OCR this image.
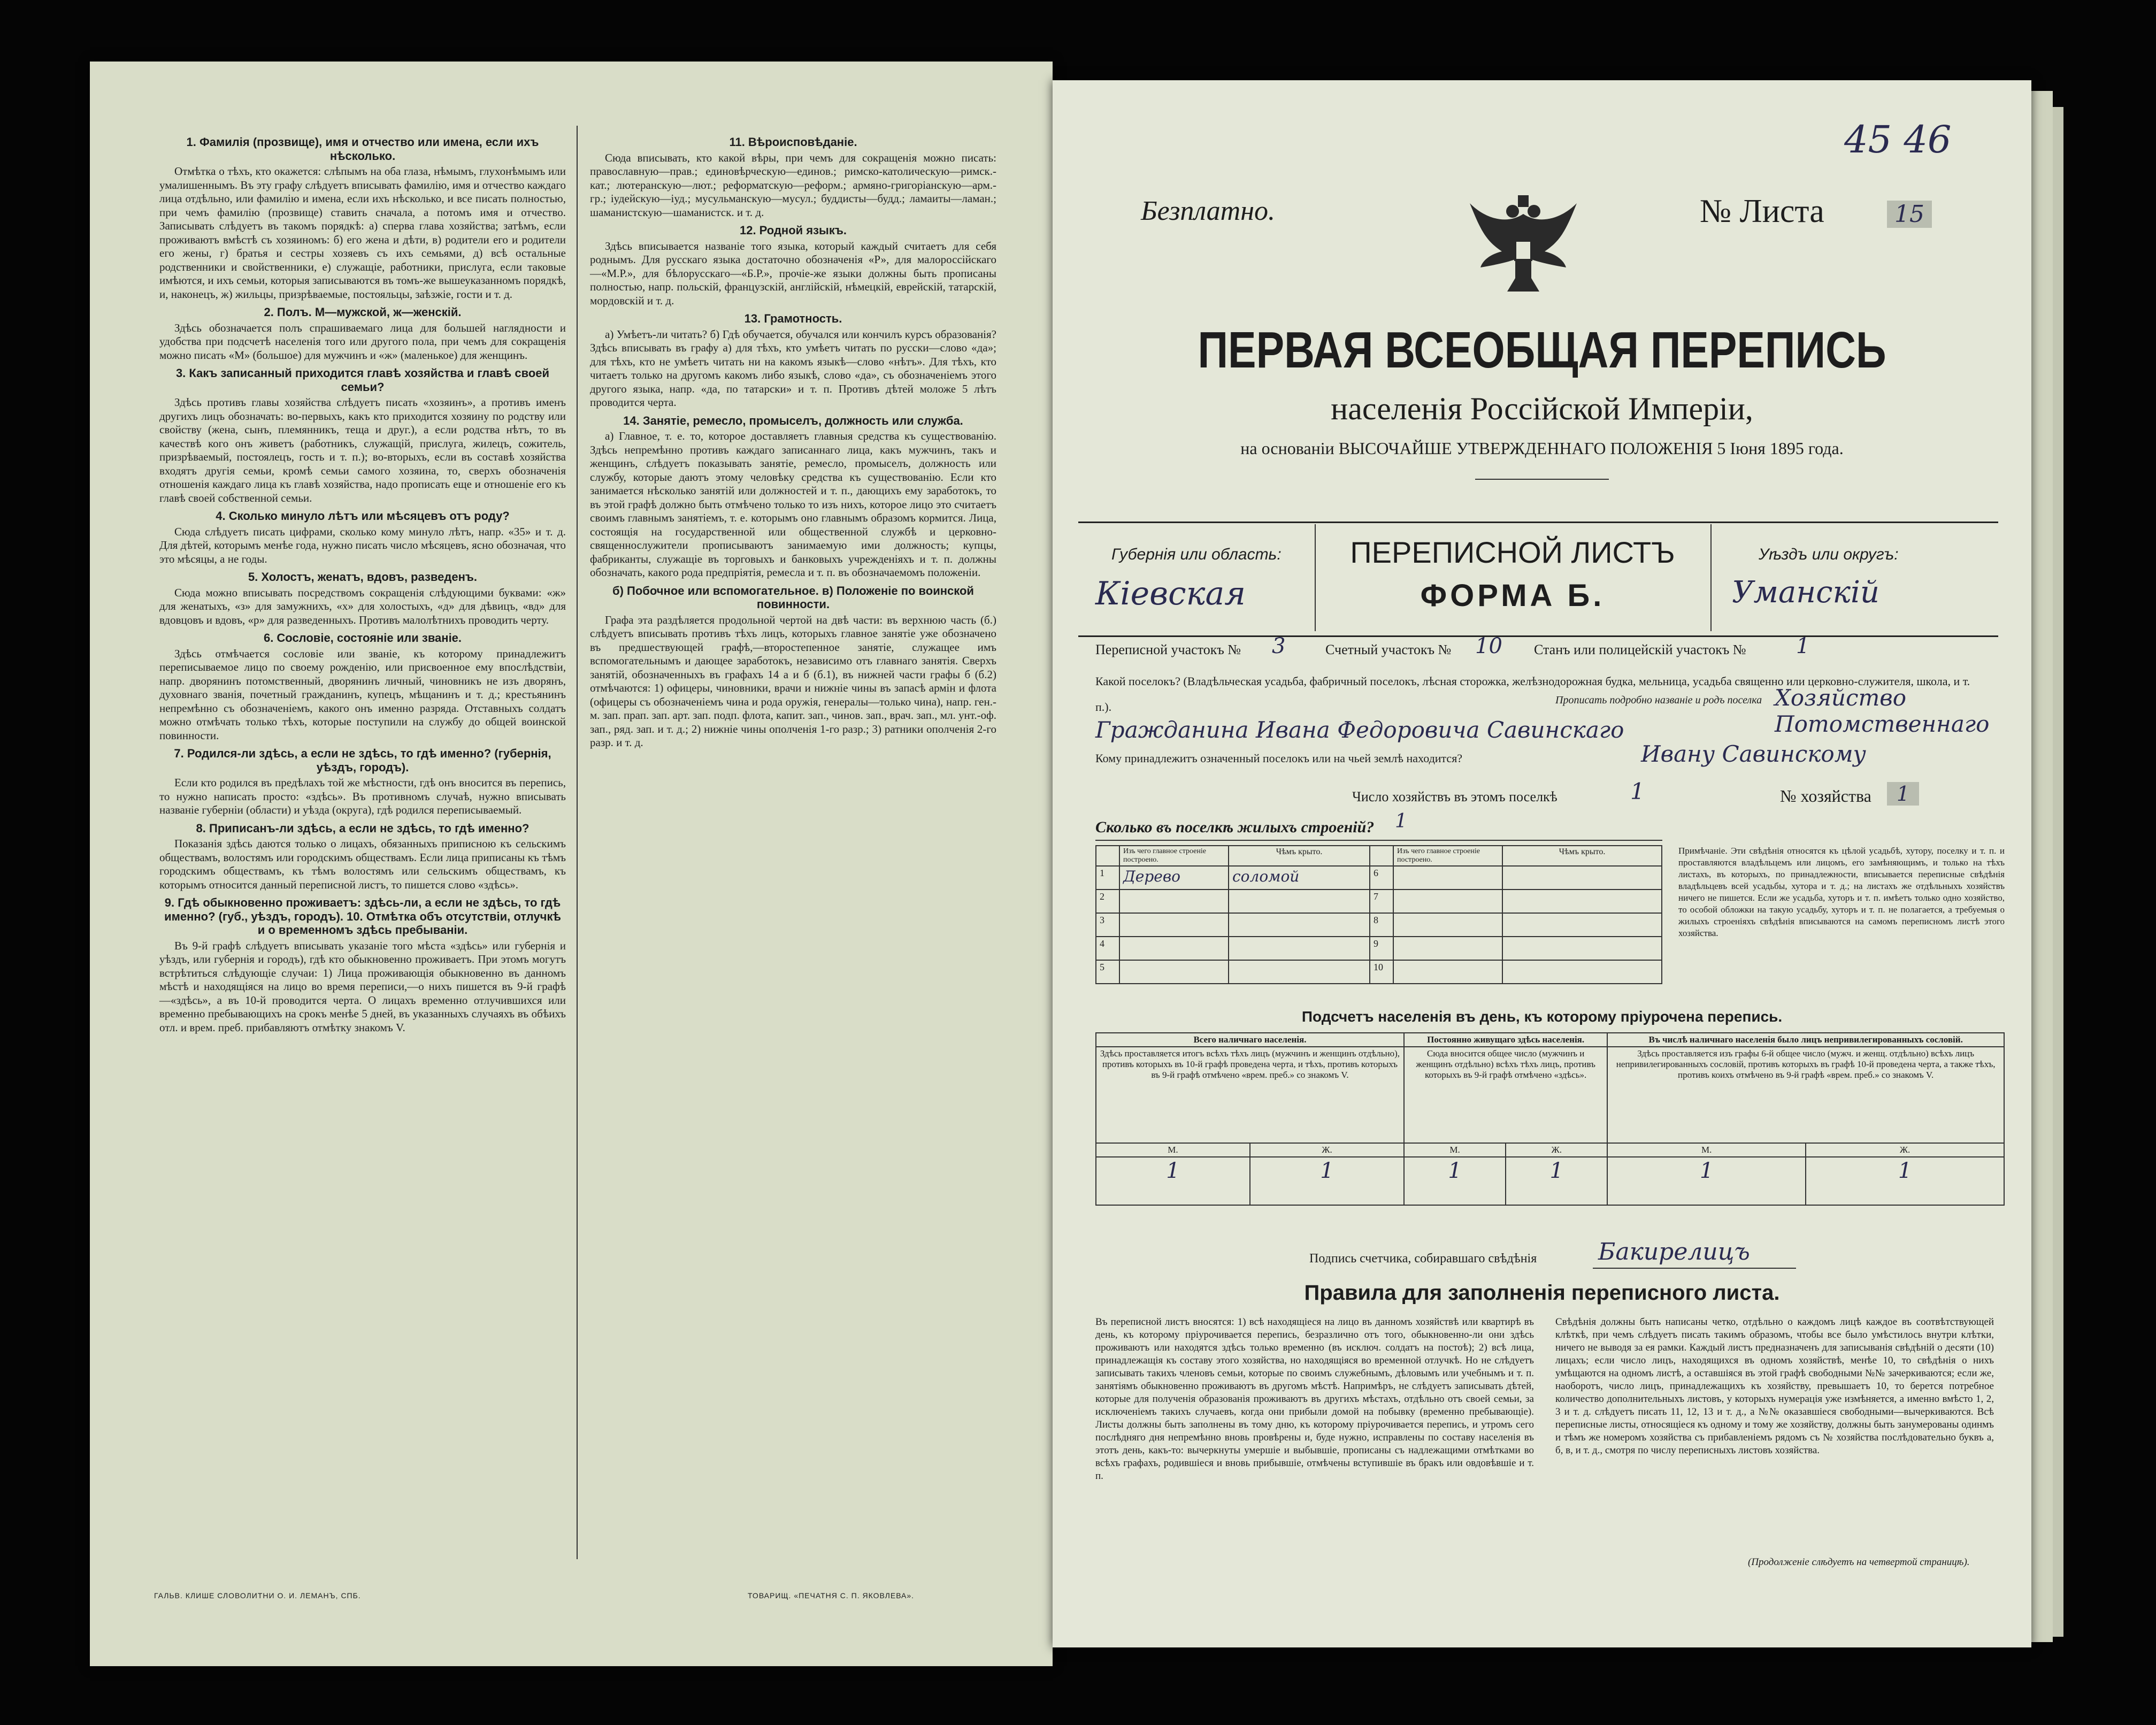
1. Фамилія (прозвище), имя и отчество или имена, если ихъ нѣсколько.

Отмѣтка о тѣхъ, кто окажется: слѣпымъ на оба глаза, нѣмымъ, глухонѣмымъ или умалишеннымъ. Въ эту графу слѣдуетъ вписывать фамилію, имя и отчество каждаго лица отдѣльно, или фамилію и имена, если ихъ нѣсколько, и все писать полностью, при чемъ фамилію (прозвище) ставить сначала, а потомъ имя и отчество. Записывать слѣдуетъ въ такомъ порядкѣ: а) сперва глава хозяйства; затѣмъ, если проживаютъ вмѣстѣ съ хозяиномъ: б) его жена и дѣти, в) родители его и родители его жены, г) братья и сестры хозяевъ съ ихъ семьями, д) всѣ остальные родственники и свойственники, е) служащіе, работники, прислуга, если таковые имѣются, и ихъ семьи, которыя записываются въ томъ-же вышеуказанномъ порядкѣ, и, наконецъ, ж) жильцы, призрѣваемые, постояльцы, заѣзжіе, гости и т. д.

2. Полъ. М—мужской, ж—женскій.

Здѣсь обозначается полъ спрашиваемаго лица для большей наглядности и удобства при подсчетѣ населенія того или другого пола, при чемъ для сокращенія можно писать «М» (большое) для мужчинъ и «ж» (маленькое) для женщинъ.

3. Какъ записанный приходится главѣ хозяйства и главѣ своей семьи?

Здѣсь противъ главы хозяйства слѣдуетъ писать «хозяинъ», а противъ именъ другихъ лицъ обозначать: во-первыхъ, какъ кто приходится хозяину по родству или свойству (жена, сынъ, племянникъ, теща и друг.), а если родства нѣтъ, то въ качествѣ кого онъ живетъ (работникъ, служащій, прислуга, жилецъ, сожитель, призрѣваемый, постоялецъ, гость и т. п.); во-вторыхъ, если въ составѣ хозяйства входятъ другія семьи, кромѣ семьи самого хозяина, то, сверхъ обозначенія отношенія каждаго лица къ главѣ хозяйства, надо прописать еще и отношеніе его къ главѣ своей собственной семьи.

4. Сколько минуло лѣтъ или мѣсяцевъ отъ роду?

Сюда слѣдуетъ писать цифрами, сколько кому минуло лѣтъ, напр. «35» и т. д. Для дѣтей, которымъ менѣе года, нужно писать число мѣсяцевъ, ясно обозначая, что это мѣсяцы, а не годы.

5. Холостъ, женатъ, вдовъ, разведенъ.

Сюда можно вписывать посредствомъ сокращенія слѣдующими буквами: «ж» для женатыхъ, «з» для замужнихъ, «х» для холостыхъ, «д» для дѣвицъ, «вд» для вдовцовъ и вдовъ, «р» для разведенныхъ. Противъ малолѣтнихъ проводить черту.

6. Сословіе, состояніе или званіе.

Здѣсь отмѣчается сословіе или званіе, къ которому принадлежитъ переписываемое лицо по своему рожденію, или присвоенное ему впослѣдствіи, напр. дворянинъ потомственный, дворянинъ личный, чиновникъ не изъ дворянъ, духовнаго званія, почетный гражданинъ, купецъ, мѣщанинъ и т. д.; крестьянинъ непремѣнно съ обозначеніемъ, какого онъ именно разряда. Отставныхъ солдатъ можно отмѣчать только тѣхъ, которые поступили на службу до общей воинской повинности.

7. Родился-ли здѣсь, а если не здѣсь, то гдѣ именно? (губернія, уѣздъ, городъ).

Если кто родился въ предѣлахъ той же мѣстности, гдѣ онъ вносится въ перепись, то нужно написать просто: «здѣсь». Въ противномъ случаѣ, нужно вписывать названіе губерніи (области) и уѣзда (округа), гдѣ родился переписываемый.

8. Приписанъ-ли здѣсь, а если не здѣсь, то гдѣ именно?

Показанія здѣсь даются только о лицахъ, обязанныхъ приписною къ сельскимъ обществамъ, волостямъ или городскимъ обществамъ. Если лица приписаны къ тѣмъ городскимъ обществамъ, къ тѣмъ волостямъ или сельскимъ обществамъ, къ которымъ относится данный переписной листъ, то пишется слово «здѣсь».

9. Гдѣ обыкновенно проживаетъ: здѣсь-ли, а если не здѣсь, то гдѣ именно? (губ., уѣздъ, городъ). 10. Отмѣтка объ отсутствіи, отлучкѣ и о временномъ здѣсь пребываніи.

Въ 9-й графѣ слѣдуетъ вписывать указаніе того мѣста «здѣсь» или губернія и уѣздъ, или губернія и городъ), гдѣ кто обыкновенно проживаетъ. При этомъ могутъ встрѣтиться слѣдующіе случаи: 1) Лица проживающія обыкновенно въ данномъ мѣстѣ и находящіяся на лицо во время переписи,—о нихъ пишется въ 9-й графѣ—«здѣсь», а въ 10-й проводится черта. О лицахъ временно отлучившихся или временно пребывающихъ на срокъ менѣе 5 дней, въ указанныхъ случаяхъ въ обѣихъ отл. и врем. преб. прибавляютъ отмѣтку знакомъ V.

11. Вѣроисповѣданіе.

Сюда вписывать, кто какой вѣры, при чемъ для сокращенія можно писать: православную—прав.; единовѣрческую—единов.; римско-католическую—римск.-кат.; лютеранскую—лют.; реформатскую—реформ.; армяно-григоріанскую—арм.-гр.; іудейскую—іуд.; мусульманскую—мусул.; буддисты—будд.; ламаиты—ламан.; шаманистскую—шаманистск. и т. д.

12. Родной языкъ.

Здѣсь вписывается названіе того языка, который каждый считаетъ для себя роднымъ. Для русскаго языка достаточно обозначенія «Р», для малороссійскаго—«М.Р.», для бѣлорусскаго—«Б.Р.», прочіе-же языки должны быть прописаны полностью, напр. польскій, французскій, англійскій, нѣмецкій, еврейскій, татарскій, мордовскій и т. д.

13. Грамотность.

а) Умѣетъ-ли читать? б) Гдѣ обучается, обучался или кончилъ курсъ образованія? Здѣсь вписывать въ графу а) для тѣхъ, кто умѣетъ читать по русски—слово «да»; для тѣхъ, кто не умѣетъ читать ни на какомъ языкѣ—слово «нѣтъ». Для тѣхъ, кто читаетъ только на другомъ какомъ либо языкѣ, слово «да», съ обозначеніемъ этого другого языка, напр. «да, по татарски» и т. п. Противъ дѣтей моложе 5 лѣтъ проводится черта.

14. Занятіе, ремесло, промыселъ, должность или служба.

а) Главное, т. е. то, которое доставляетъ главныя средства къ существованію. Здѣсь непремѣнно противъ каждаго записаннаго лица, какъ мужчинъ, такъ и женщинъ, слѣдуетъ показывать занятіе, ремесло, промыселъ, должность или службу, которые даютъ этому человѣку средства къ существованію. Если кто занимается нѣсколько занятій или должностей и т. п., дающихъ ему заработокъ, то въ этой графѣ должно быть отмѣчено только то изъ нихъ, которое лицо это считаетъ своимъ главнымъ занятіемъ, т. е. которымъ оно главнымъ образомъ кормится. Лица, состоящія на государственной или общественной службѣ и церковно-священнослужители прописываютъ занимаемую ими должность; купцы, фабриканты, служащіе въ торговыхъ и банковыхъ учрежденіяхъ и т. п. должны обозначать, какого рода предпріятія, ремесла и т. п. въ обозначаемомъ положеніи.

б) Побочное или вспомогательное. в) Положеніе по воинской повинности.

Графа эта раздѣляется продольной чертой на двѣ части: въ верхнюю часть (б.) слѣдуетъ вписывать противъ тѣхъ лицъ, которыхъ главное занятіе уже обозначено въ предшествующей графѣ,—второстепенное занятіе, служащее имъ вспомогательнымъ и дающее заработокъ, независимо отъ главнаго занятія. Сверхъ занятій, обозначенныхъ въ графахъ 14 а и б (б.1), въ нижней части графы б (б.2) отмѣчаются: 1) офицеры, чиновники, врачи и нижніе чины въ запасѣ армін и флота (офицеры съ обозначеніемъ чина и рода оружія, генералы—только чина), напр. ген.-м. зап. прап. зап. арт. зап. подп. флота, капит. зап., чинов. зап., врач. зап., мл. унт.-оф. зап., ряд. зап. и т. д.; 2) нижніе чины ополченія 1-го разр.; 3) ратники ополченія 2-го разр. и т. д.

ГАЛЬВ. КЛИШЕ СЛОВОЛИТНИ О. И. ЛЕМАНЪ, СПБ.	ТОВАРИЩ. «ПЕЧАТНЯ С. П. ЯКОВЛЕВА».
45 46
Безплатно.	№ Листа	15
ПЕРВАЯ ВСЕОБЩАЯ ПЕРЕПИСЬ
населенія Россійской Имперіи,
на основаніи ВЫСОЧАЙШЕ УТВЕРЖДЕННАГО ПОЛОЖЕНІЯ 5 Іюня 1895 года.
Губернія или область:
Кіевская
ПЕРЕПИСНОЙ ЛИСТЪ
ФОРМА Б.
Уѣздъ или округъ:
Уманскій
Переписной участокъ № 3	Счетный участокъ № 10 Станъ или полицейскій участокъ № 1
Какой поселокъ? (Владѣльческая усадьба, фабричный поселокъ, лѣсная сторожка, желѣзнодорожная будка, мельница, усадьба священно или церковно-служителя, школа, и т. п.).	Прописать подробно названіе и родъ поселка Хозяйство Потомственнаго
Гражданина Ивана Федоровича Савинскаго
Кому принадлежитъ означенный поселокъ или на чьей землѣ находится?	Ивану Савинскому
Число хозяйствъ въ этомъ поселкѣ	1	№ хозяйства	1
Сколько въ поселкѣ жилыхъ строеній? 1
	Изъ чего главное строеніе построено.	Чѣмъ крыто.		Изъ чего главное строеніе построено.	Чѣмъ крыто.
1	Дерево	соломой	6		
2			7		
3			8		
4			9		
5			10		
Примѣчаніе. Эти свѣдѣнія относятся къ цѣлой усадьбѣ, хутору, поселку и т. п. и проставляются владѣльцемъ или лицомъ, его замѣняющимъ, и только на тѣхъ листахъ, въ которыхъ, по принадлежности, вписывается переписные свѣдѣнія владѣльцевъ всей усадьбы, хутора и т. д.; на листахъ же отдѣльныхъ хозяйствъ ничего не пишется. Если же усадьба, хуторъ и т. п. имѣетъ только одно хозяйство, то особой обложки на такую усадьбу, хуторъ и т. п. не полагается, а требуемыя о жилыхъ строеніяхъ свѣдѣнія вписываются на самомъ переписномъ листѣ этого хозяйства.
Подсчетъ населенія въ день, къ которому пріурочена перепись.
Всего наличнаго населенія.		Постоянно живущаго здѣсь населенія.		Въ числѣ наличнаго населенія было лицъ непривилегированныхъ сословій.	
Здѣсь проставляется итогъ всѣхъ тѣхъ лицъ (мужчинъ и женщинъ отдѣльно), противъ которыхъ въ 10-й графѣ проведена черта, и тѣхъ, противъ которыхъ въ 9-й графѣ отмѣчено «врем. преб.» со знакомъ V.		Сюда вносится общее число (мужчинъ и женщинъ отдѣльно) всѣхъ тѣхъ лицъ, противъ которыхъ въ 9-й графѣ отмѣчено «здѣсь».		Здѣсь проставляется изъ графы 6-й общее число (мужч. и женщ. отдѣльно) всѣхъ лицъ непривилегированныхъ сословій, противъ которыхъ въ графѣ 10-й проведена черта, а также тѣхъ, противъ коихъ отмѣчено въ 9-й графѣ «врем. преб.» со знакомъ V.	
М.	Ж.	М.	Ж.	М.	Ж.
1	1	1	1	1	1
Подпись счетчика, собиравшаго свѣдѣнія	Бакирелицъ
Правила для заполненія переписного листа.
Въ переписной листъ вносятся: 1) всѣ находящіеся на лицо въ данномъ хозяйствѣ или квартирѣ въ день, къ которому пріурочивается перепись, безразлично отъ того, обыкновенно-ли они здѣсь проживаютъ или находятся здѣсь только временно (въ исключ. солдатъ на постоѣ); 2) всѣ лица, принадлежащія къ составу этого хозяйства, но находящіяся во временной отлучкѣ. Но не слѣдуетъ записывать такихъ членовъ семьи, которые по своимъ служебнымъ, дѣловымъ или учебнымъ и т. п. занятіямъ обыкновенно проживаютъ въ другомъ мѣстѣ. Напримѣръ, не слѣдуетъ записывать дѣтей, которые для полученія образованія проживаютъ въ другихъ мѣстахъ, отдѣльно отъ своей семьи, за исключеніемъ такихъ случаевъ, когда они прибыли домой на побывку (временно пребывающіе). Листы должны быть заполнены въ тому дню, къ которому пріурочивается перепись, и утромъ сего послѣдняго дня непремѣнно вновь провѣрены и, буде нужно, исправлены по составу населенія въ этотъ день, какъ-то: вычеркнуты умершіе и выбывшіе, прописаны съ надлежащими отмѣтками во всѣхъ графахъ, родившіеся и вновь прибывшіе, отмѣчены вступившіе въ бракъ или овдовѣвшіе и т. п.
Свѣдѣнія должны быть написаны четко, отдѣльно о каждомъ лицѣ каждое въ соотвѣтствующей клѣткѣ, при чемъ слѣдуетъ писать такимъ образомъ, чтобы все было умѣстилось внутри клѣтки, ничего не выводя за ея рамки. Каждый листъ предназначенъ для записыванія свѣдѣній о десяти (10) лицахъ; если число лицъ, находящихся въ одномъ хозяйствѣ, менѣе 10, то свѣдѣнія о нихъ умѣщаются на одномъ листѣ, а оставшіяся въ этой графѣ свободными №№ зачеркиваются; если же, наоборотъ, число лицъ, принадлежащихъ къ хозяйству, превышаетъ 10, то берется потребное количество дополнительныхъ листовъ, у которыхъ нумерація уже измѣняется, а именно вмѣсто 1, 2, 3 и т. д. слѣдуетъ писать 11, 12, 13 и т. д., а №№ оказавшіеся свободными—вычеркиваются. Всѣ переписные листы, относящіеся къ одному и тому же хозяйству, должны быть занумерованы одинмъ и тѣмъ же номеромъ хозяйства съ прибавленіемъ рядомъ съ № хозяйства послѣдовательно буквъ а, б, в, и т. д., смотря по числу переписныхъ листовъ хозяйства.
(Продолженіе слѣдуетъ на четвертой страницѣ).
